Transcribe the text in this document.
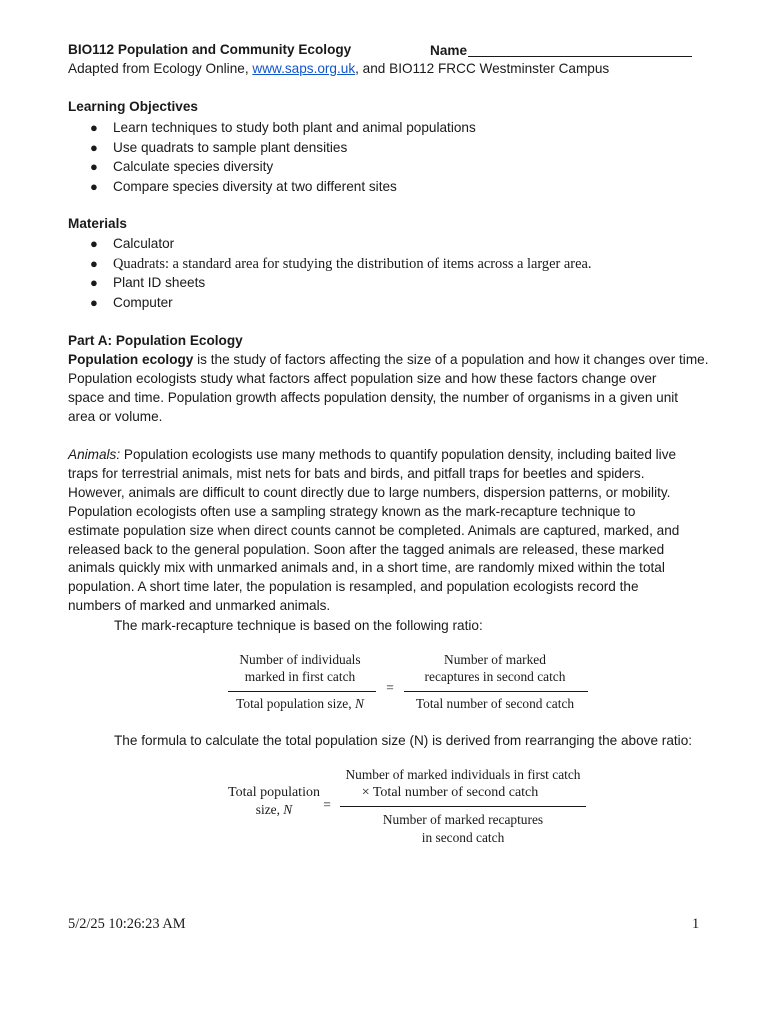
BIO112 Population and Community Ecology	Name
Adapted from Ecology Online, www.saps.org.uk, and BIO112 FRCC Westminster Campus
Learning Objectives
● Learn techniques to study both plant and animal populations
● Use quadrats to sample plant densities
● Calculate species diversity
● Compare species diversity at two different sites
Materials
● Calculator
● Quadrats: a standard area for studying the distribution of items across a larger area.
● Plant ID sheets
● Computer
Part A: Population Ecology
Population ecology is the study of factors affecting the size of a population and how it changes over time.
Population ecologists study what factors affect population size and how these factors change over
space and time. Population growth affects population density, the number of organisms in a given unit
area or volume.
Animals: Population ecologists use many methods to quantify population density, including baited live
traps for terrestrial animals, mist nets for bats and birds, and pitfall traps for beetles and spiders.
However, animals are difficult to count directly due to large numbers, dispersion patterns, or mobility.
Population ecologists often use a sampling strategy known as the mark-recapture technique to
estimate population size when direct counts cannot be completed. Animals are captured, marked, and
released back to the general population. Soon after the tagged animals are released, these marked
animals quickly mix with unmarked animals and, in a short time, are randomly mixed within the total
population. A short time later, the population is resampled, and population ecologists record the
numbers of marked and unmarked animals.
The mark-recapture technique is based on the following ratio:
Number of individuals
marked in first catch
Total population size, N
=
Number of marked
recaptures in second catch
Total number of second catch
The formula to calculate the total population size (N) is derived from rearranging the above ratio:
Total population
size, N	=
Number of marked individuals in first catch
× Total number of second catch
Number of marked recaptures
in second catch
5/2/25 10:26:23 AM	1
